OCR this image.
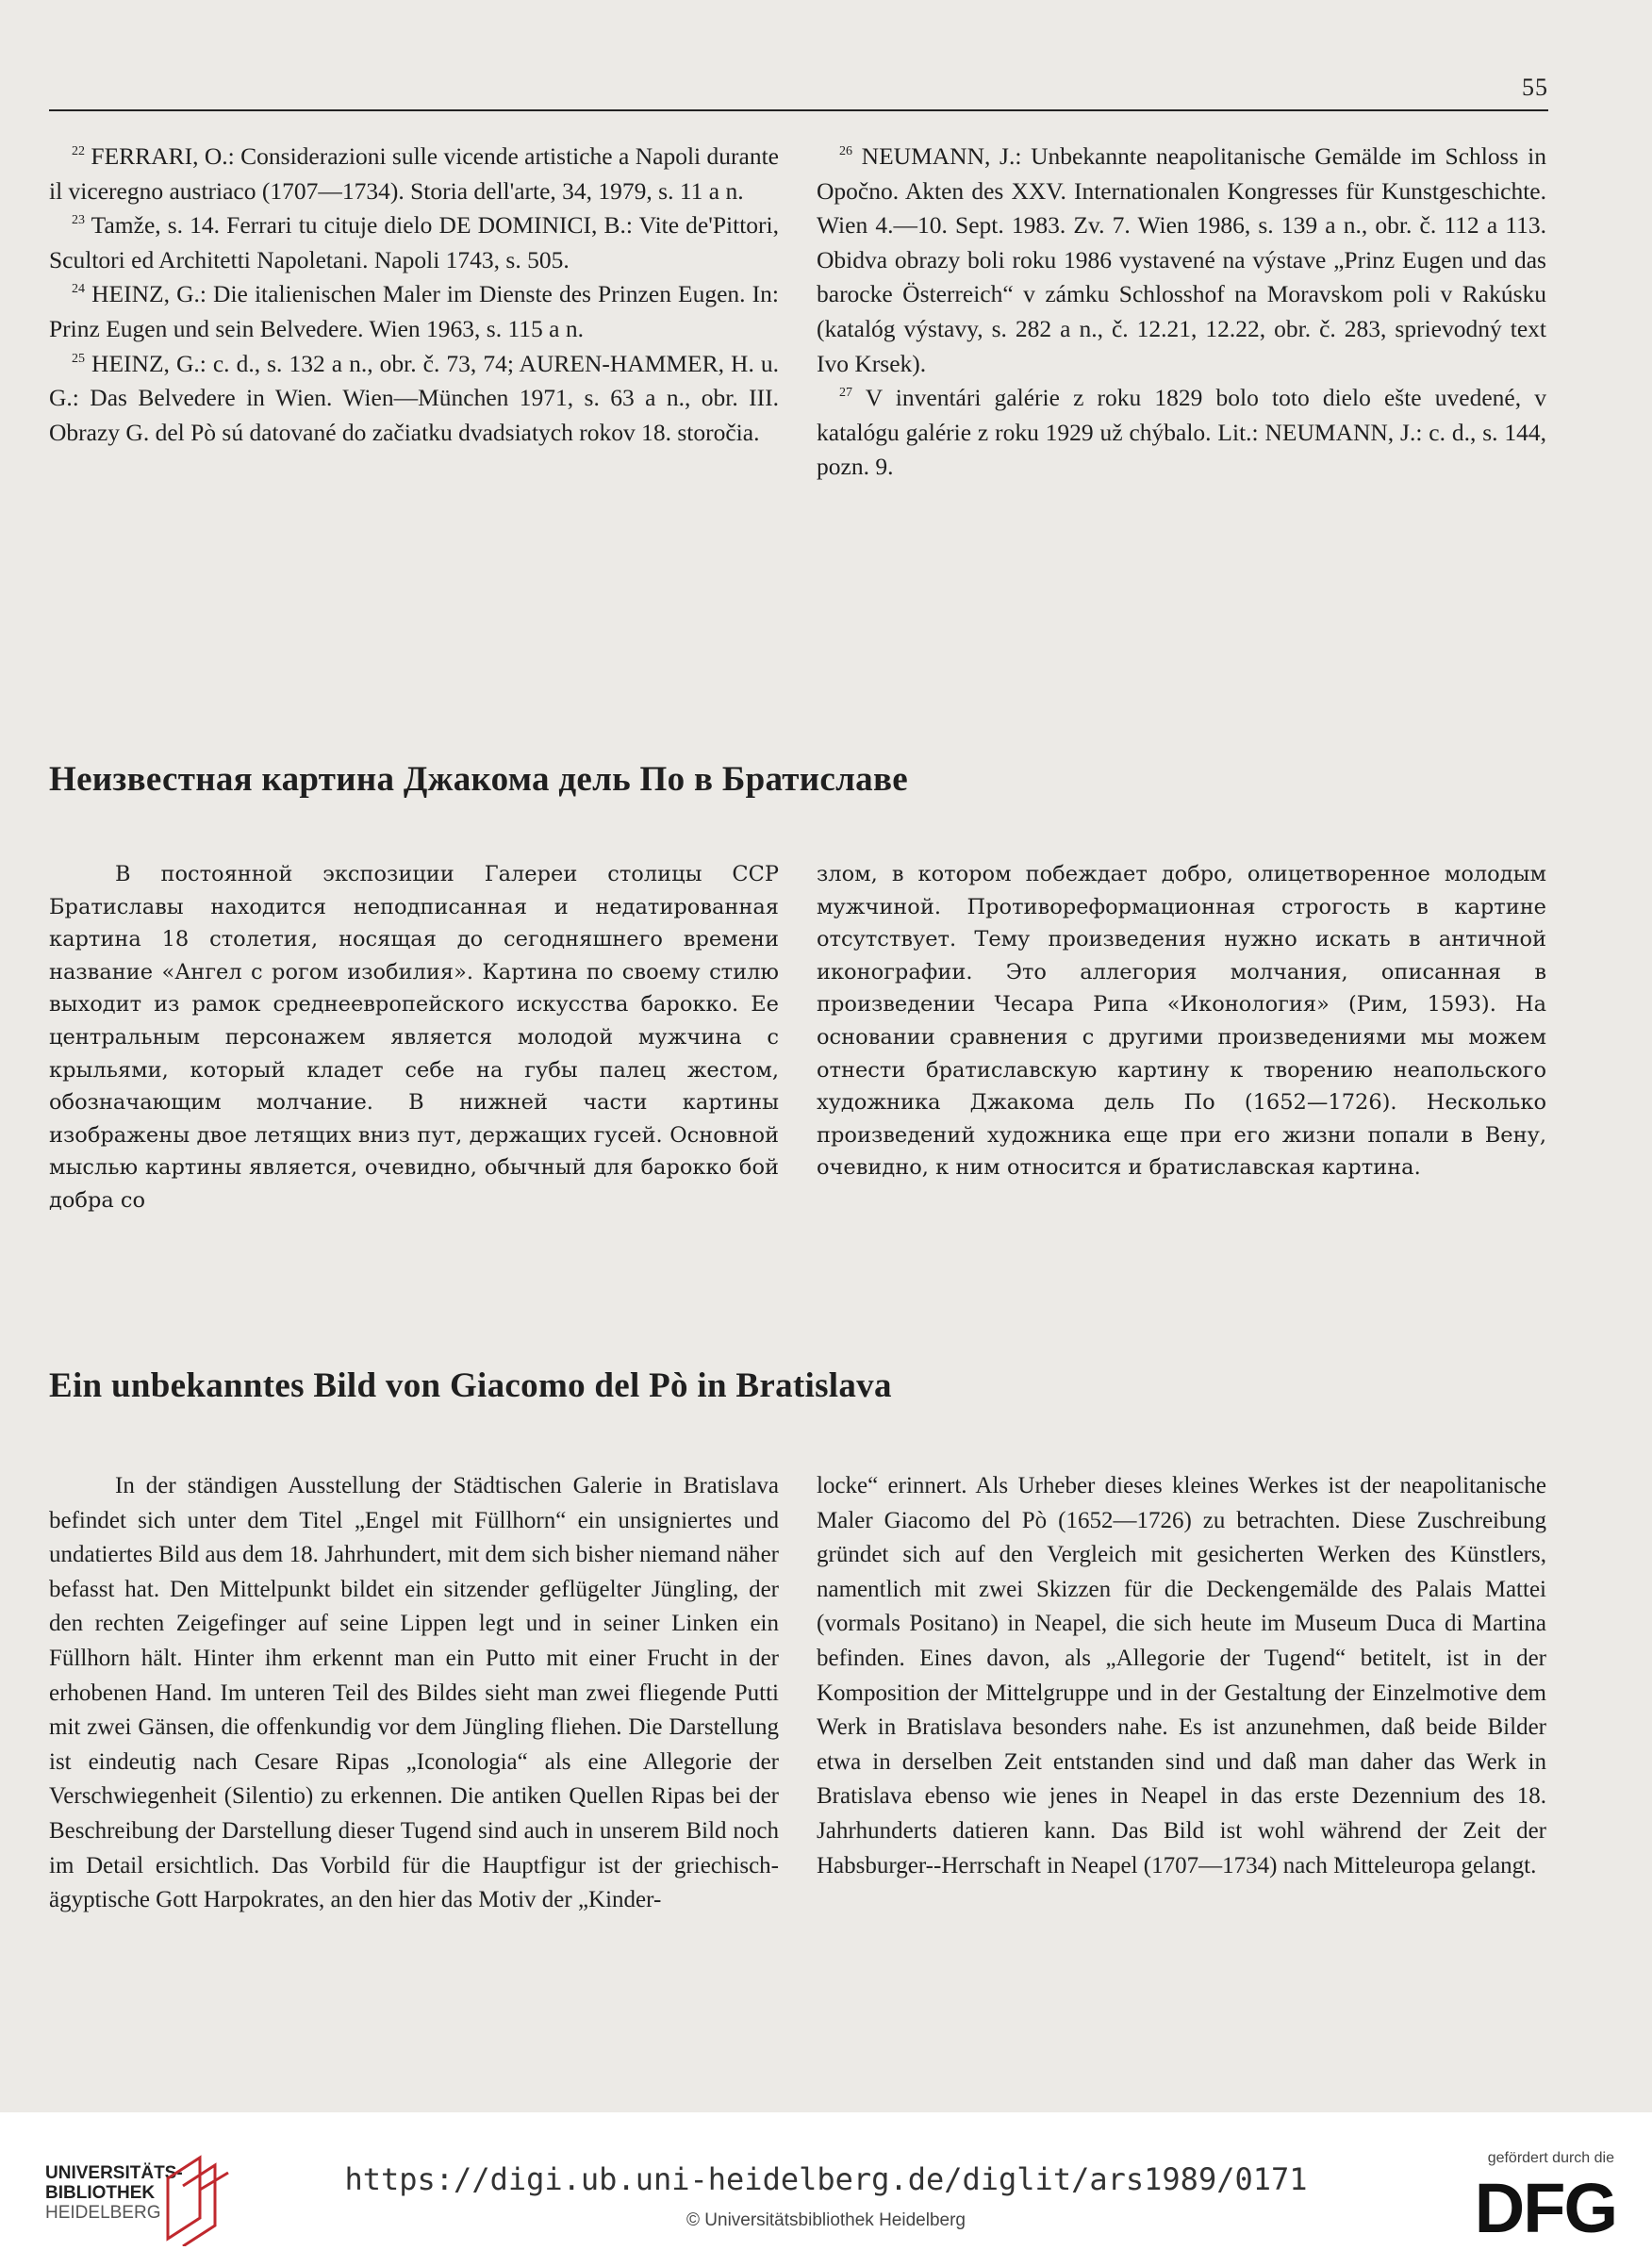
55

$^{22}$ FERRARI, O.: Considerazioni sulle vicende artistiche a Napoli durante il viceregno austriaco (1707—1734). Storia dell'arte, 34, 1979, s. 11 a n.

$^{23}$ Tamže, s. 14. Ferrari tu cituje dielo DE DOMINICI, B.: Vite de'Pittori, Scultori ed Architetti Napoletani. Napoli 1743, s. 505.

$^{24}$ HEINZ, G.: Die italienischen Maler im Dienste des Prinzen Eugen. In: Prinz Eugen und sein Belvedere. Wien 1963, s. 115 a n.

$^{25}$ HEINZ, G.: c. d., s. 132 a n., obr. č. 73, 74; AUREN-HAMMER, H. u. G.: Das Belvedere in Wien. Wien—München 1971, s. 63 a n., obr. III. Obrazy G. del Pò sú datované do začiatku dvadsiatych rokov 18. storočia.

$^{26}$ NEUMANN, J.: Unbekannte neapolitanische Gemälde im Schloss in Opočno. Akten des XXV. Internationalen Kongresses für Kunstgeschichte. Wien 4.—10. Sept. 1983. Zv. 7. Wien 1986, s. 139 a n., obr. č. 112 a 113. Obidva obrazy boli roku 1986 vystavené na výstave „Prinz Eugen und das barocke Österreich“ v zámku Schlosshof na Moravskom poli v Rakúsku (katalóg výstavy, s. 282 a n., č. 12.21, 12.22, obr. č. 283, sprievodný text Ivo Krsek).

$^{27}$ V inventári galérie z roku 1829 bolo toto dielo ešte uvedené, v katalógu galérie z roku 1929 už chýbalo. Lit.: NEUMANN, J.: c. d., s. 144, pozn. 9.

Неизвестная картина Джакома дель По в Братиславе

В постоянной экспозиции Галереи столицы ССР Братиславы находится неподписанная и недатированная картина 18 столетия, носящая до сегодняшнего времени название «Ангел с рогом изобилия». Картина по своему стилю выходит из рамок среднеевропейского искусства барокко. Ее центральным персонажем является молодой мужчина с крыльями, который кладет себе на губы палец жестом, обозначающим молчание. В нижней части картины изображены двое летящих вниз пут, держащих гусей. Основной мыслью картины является, очевидно, обычный для барокко бой добра со

злом, в котором побеждает добро, олицетворенное молодым мужчиной. Противореформационная строгость в картине отсутствует. Тему произведения нужно искать в античной иконографии. Это аллегория молчания, описанная в произведении Чесара Рипа «Иконология» (Рим, 1593). На основании сравнения с другими произведениями мы можем отнести братиславскую картину к творению неапольского художника Джакома дель По (1652—1726). Несколько произведений художника еще при его жизни попали в Вену, очевидно, к ним относится и братиславская картина.

Ein unbekanntes Bild von Giacomo del Pò in Bratislava

In der ständigen Ausstellung der Städtischen Galerie in Bratislava befindet sich unter dem Titel „Engel mit Füllhorn“ ein unsigniertes und undatiertes Bild aus dem 18. Jahrhundert, mit dem sich bisher niemand näher befasst hat. Den Mittelpunkt bildet ein sitzender geflügelter Jüngling, der den rechten Zeigefinger auf seine Lippen legt und in seiner Linken ein Füllhorn hält. Hinter ihm erkennt man ein Putto mit einer Frucht in der erhobenen Hand. Im unteren Teil des Bildes sieht man zwei fliegende Putti mit zwei Gänsen, die offenkundig vor dem Jüngling fliehen. Die Darstellung ist eindeutig nach Cesare Ripas „Iconologia“ als eine Allegorie der Verschwiegenheit (Silentio) zu erkennen. Die antiken Quellen Ripas bei der Beschreibung der Darstellung dieser Tugend sind auch in unserem Bild noch im Detail ersichtlich. Das Vorbild für die Hauptfigur ist der griechisch-ägyptische Gott Harpokrates, an den hier das Motiv der „Kinder-

locke“ erinnert. Als Urheber dieses kleines Werkes ist der neapolitanische Maler Giacomo del Pò (1652—1726) zu betrachten. Diese Zuschreibung gründet sich auf den Vergleich mit gesicherten Werken des Künstlers, namentlich mit zwei Skizzen für die Deckengemälde des Palais Mattei (vormals Positano) in Neapel, die sich heute im Museum Duca di Martina befinden. Eines davon, als „Allegorie der Tugend“ betitelt, ist in der Komposition der Mittelgruppe und in der Gestaltung der Einzelmotive dem Werk in Bratislava besonders nahe. Es ist anzunehmen, daß beide Bilder etwa in derselben Zeit entstanden sind und daß man daher das Werk in Bratislava ebenso wie jenes in Neapel in das erste Dezennium des 18. Jahrhunderts datieren kann. Das Bild ist wohl während der Zeit der Habsburger--Herrschaft in Neapel (1707—1734) nach Mitteleuropa gelangt.

UNIVERSITÄTS-
BIBLIOTHEK
HEIDELBERG
https://digi.ub.uni-heidelberg.de/diglit/ars1989/0171
© Universitätsbibliothek Heidelberg
gefördert durch die
DFG
